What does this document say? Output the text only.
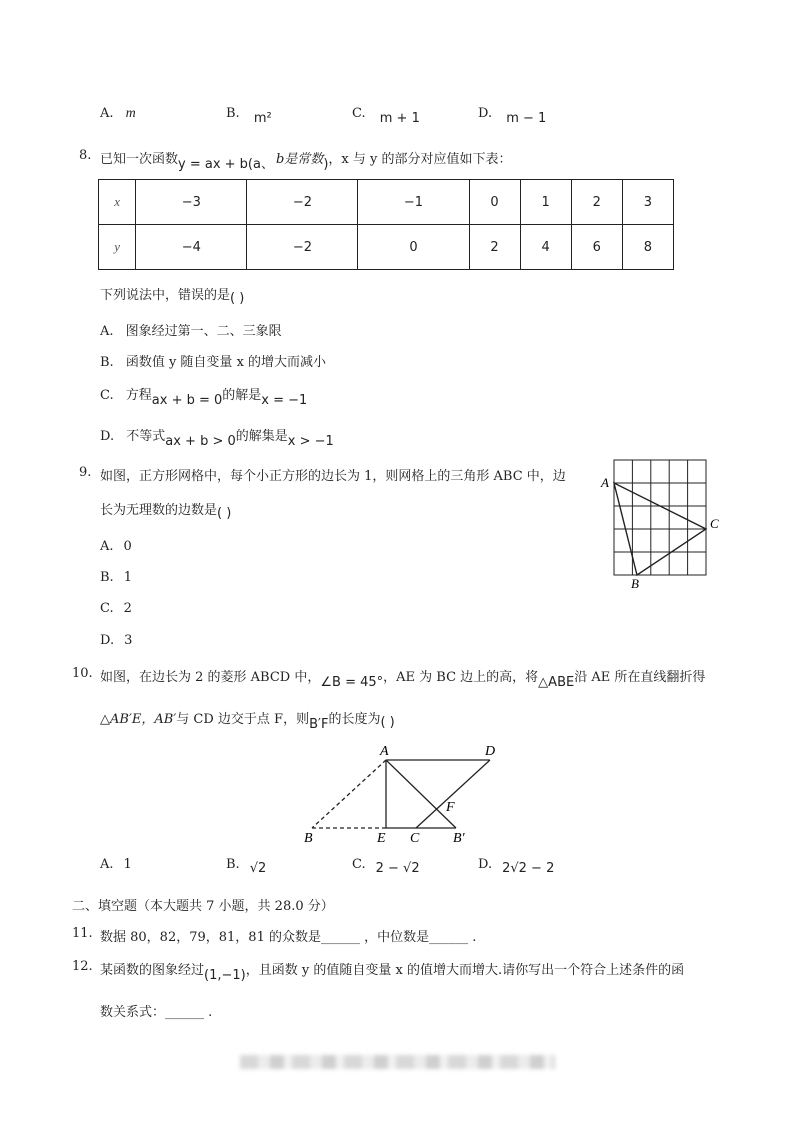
A. m	B. m²	C. m + 1	D. m − 1
8. 已知一次函数y = ax + b(a、 b是常数)，x 与 y 的部分对应值如下表：
x	−3	−2	−1	0	1	2	3
y	−4	−2	0	2	4	6	8
下列说法中，错误的是( )
A. 图象经过第一、二、三象限
B. 函数值 y 随自变量 x 的增大而减小
C. 方程ax + b = 0的解是x = −1
D. 不等式ax + b > 0的解集是x > −1
9. 如图，正方形网格中，每个小正方形的边长为 1，则网格上的三角形 ABC 中，边
长为无理数的边数是( )
A. 0
B. 1
C. 2
D. 3
A
C
B
10. 如图，在边长为 2 的菱形 ABCD 中，∠B = 45°，AE 为 BC 边上的高，将△ABE沿 AE 所在直线翻折得
△AB′E，AB′与 CD 边交于点 F，则B′F的长度为( )
A	D
F
B	E C B′
A. 1	B. √2	C. 2 − √2	D. 2√2 − 2
二、填空题（本大题共 7 小题，共 28.0 分）
11. 数据 80，82，79，81，81 的众数是______ ，中位数是______ .
12. 某函数的图象经过(1,−1)，且函数 y 的值随自变量 x 的值增大而增大.请你写出一个符合上述条件的函
数关系式：______ .
